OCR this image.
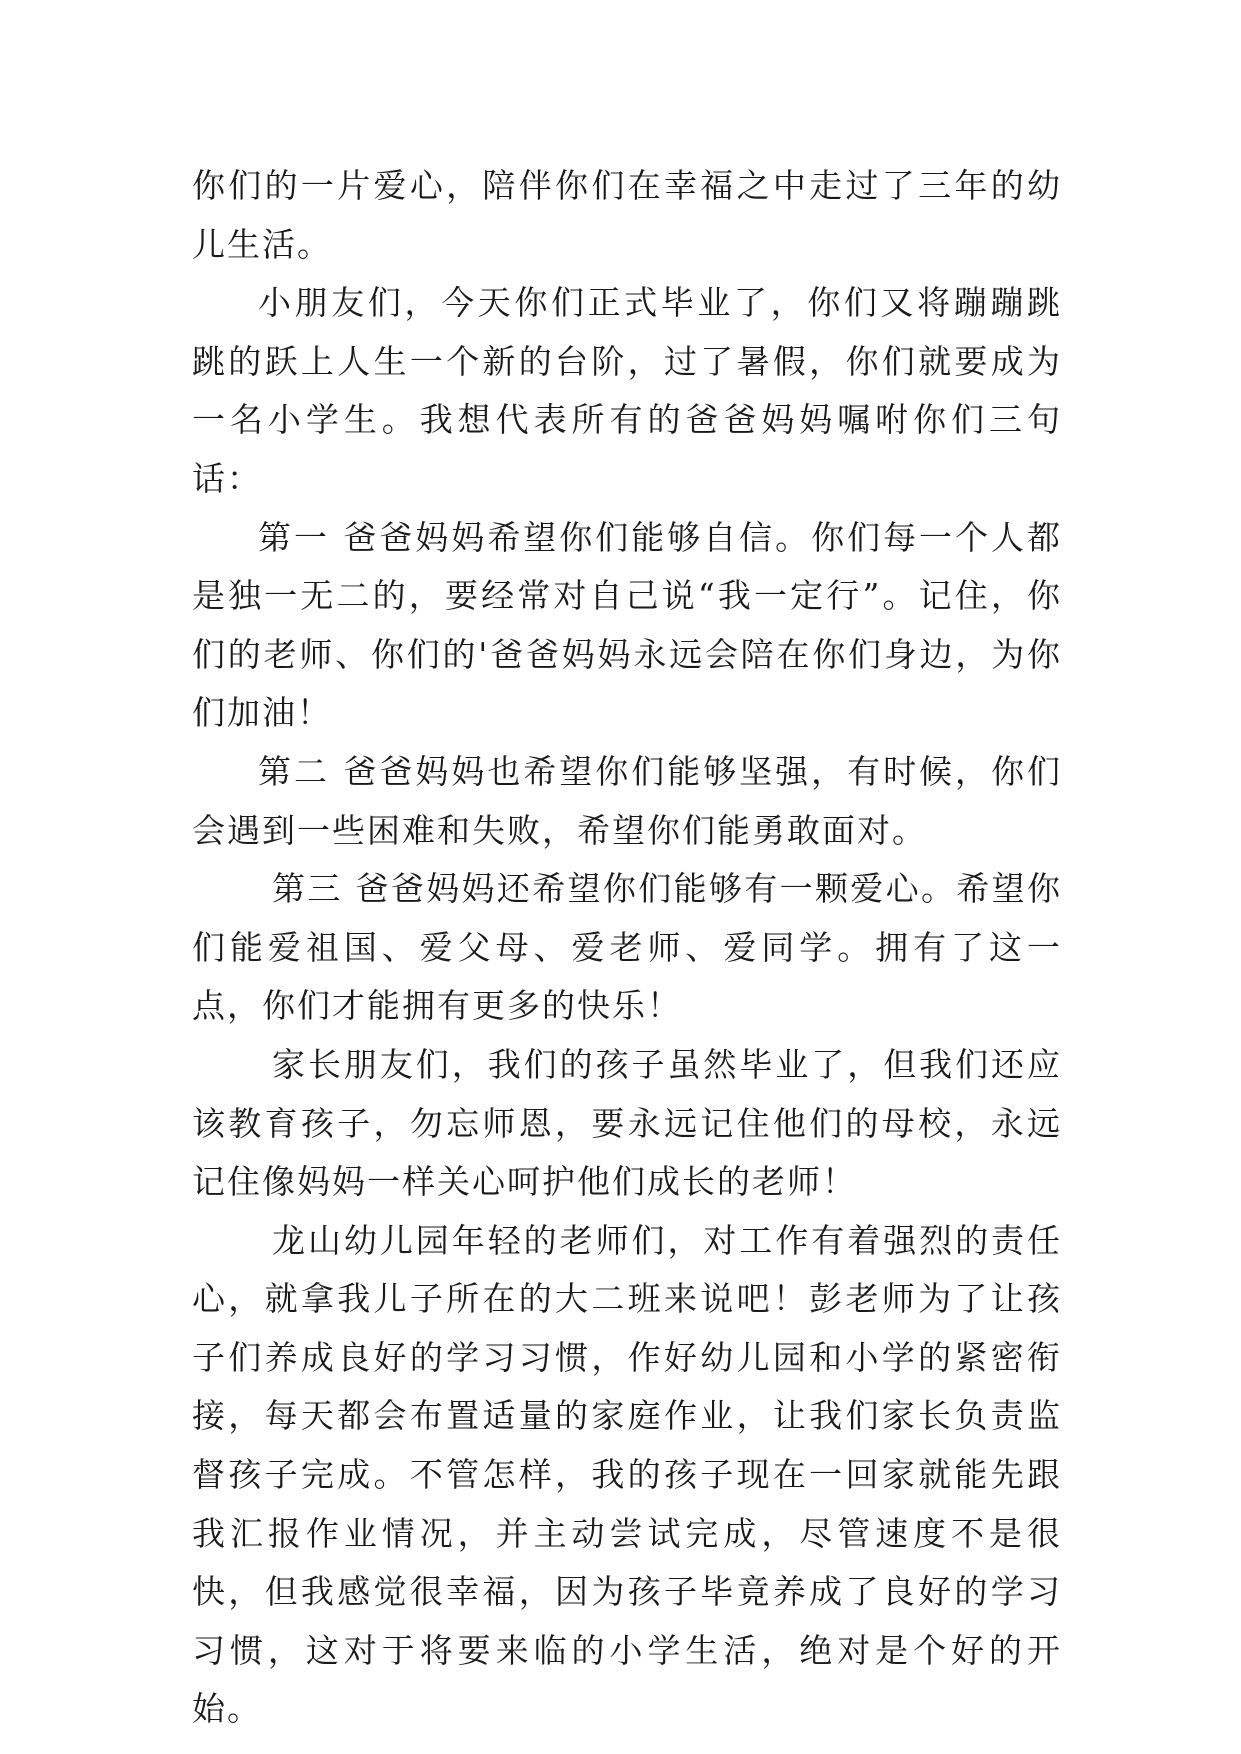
你们的一片爱心，陪伴你们在幸福之中走过了三年的幼儿生活。

小朋友们，今天你们正式毕业了，你们又将蹦蹦跳跳的跃上人生一个新的台阶，过了暑假，你们就要成为一名小学生。我想代表所有的爸爸妈妈嘱咐你们三句话：

第一 爸爸妈妈希望你们能够自信。你们每一个人都是独一无二的，要经常对自己说“我一定行”。记住，你们的老师、你们的'爸爸妈妈永远会陪在你们身边，为你们加油！

第二 爸爸妈妈也希望你们能够坚强，有时候，你们会遇到一些困难和失败，希望你们能勇敢面对。

第三 爸爸妈妈还希望你们能够有一颗爱心。希望你们能爱祖国、爱父母、爱老师、爱同学。拥有了这一点，你们才能拥有更多的快乐！

家长朋友们，我们的孩子虽然毕业了，但我们还应该教育孩子，勿忘师恩，要永远记住他们的母校，永远记住像妈妈一样关心呵护他们成长的老师！

龙山幼儿园年轻的老师们，对工作有着强烈的责任心，就拿我儿子所在的大二班来说吧！彭老师为了让孩子们养成良好的学习习惯，作好幼儿园和小学的紧密衔接，每天都会布置适量的家庭作业，让我们家长负责监督孩子完成。不管怎样，我的孩子现在一回家就能先跟我汇报作业情况，并主动尝试完成，尽管速度不是很快，但我感觉很幸福，因为孩子毕竟养成了良好的学习习惯，这对于将要来临的小学生活，绝对是个好的开始。
